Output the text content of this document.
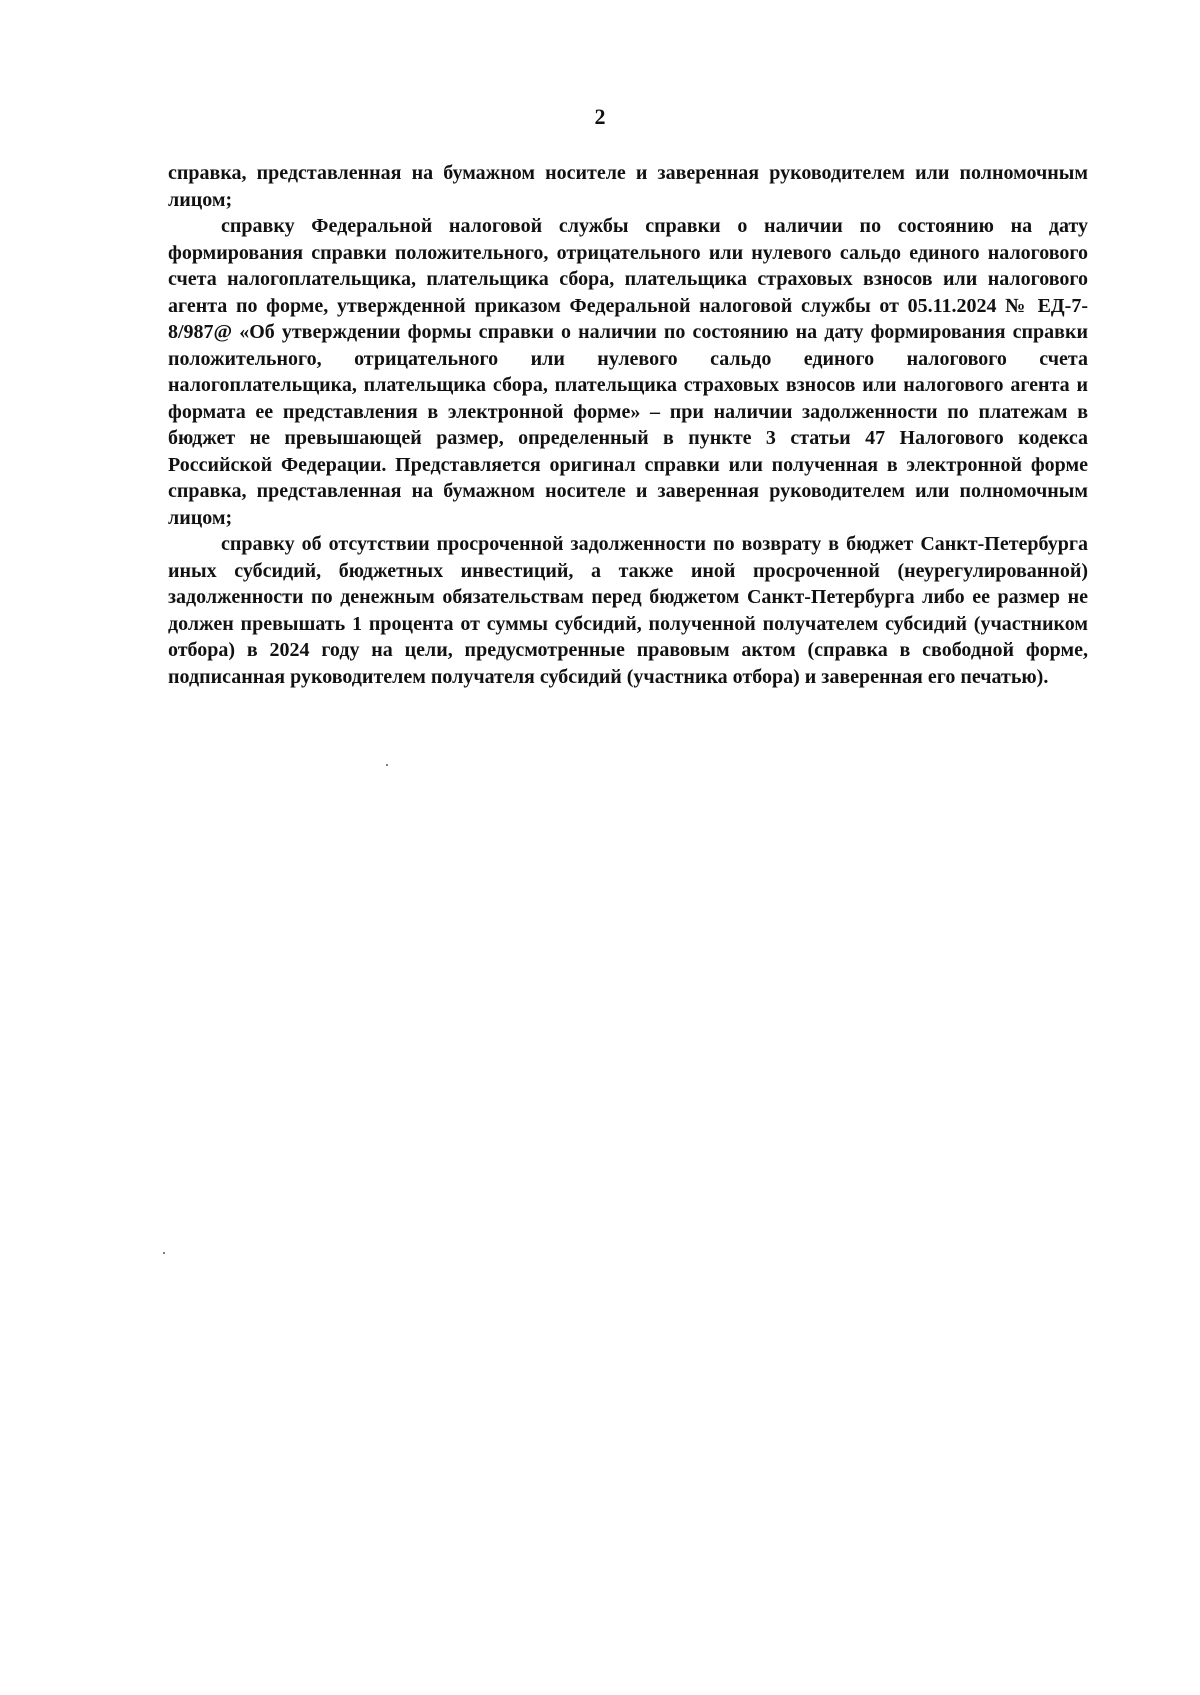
2

справка, представленная на бумажном носителе и заверенная руководителем или полномочным лицом;

справку Федеральной налоговой службы справки о наличии по состоянию на дату формирования справки положительного, отрицательного или нулевого сальдо единого налогового счета налогоплательщика, плательщика сбора, плательщика страховых взносов или налогового агента по форме, утвержденной приказом Федеральной налоговой службы от 05.11.2024 № ЕД-7-8/987@ «Об утверждении формы справки о наличии по состоянию на дату формирования справки положительного, отрицательного или нулевого сальдо единого налогового счета налогоплательщика, плательщика сбора, плательщика страховых взносов или налогового агента и формата ее представления в электронной форме» – при наличии задолженности по платежам в бюджет не превышающей размер, определенный в пункте 3 статьи 47 Налогового кодекса Российской Федерации. Представляется оригинал справки или полученная в электронной форме справка, представленная на бумажном носителе и заверенная руководителем или полномочным лицом;

справку об отсутствии просроченной задолженности по возврату в бюджет Санкт-Петербурга иных субсидий, бюджетных инвестиций, а также иной просроченной (неурегулированной) задолженности по денежным обязательствам перед бюджетом Санкт-Петербурга либо ее размер не должен превышать 1 процента от суммы субсидий, полученной получателем субсидий (участником отбора) в 2024 году на цели, предусмотренные правовым актом (справка в свободной форме, подписанная руководителем получателя субсидий (участника отбора) и заверенная его печатью).
